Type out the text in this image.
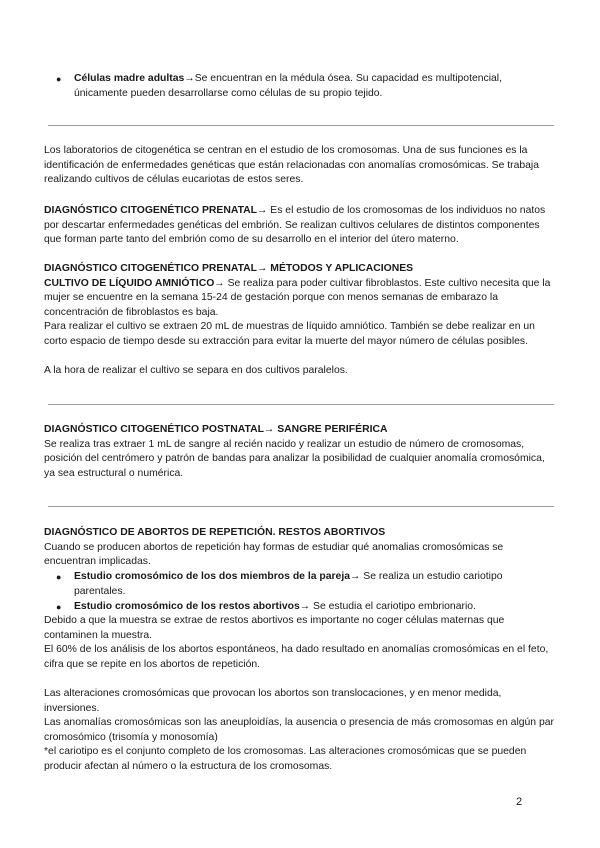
●	Células madre adultas→Se encuentran en la médula ósea. Su capacidad es multipotencial, únicamente pueden desarrollarse como células de su propio tejido.

Los laboratorios de citogenética se centran en el estudio de los cromosomas. Una de sus funciones es la identificación de enfermedades genéticas que están relacionadas con anomalías cromosómicas. Se trabaja realizando cultivos de células eucariotas de estos seres.

DIAGNÓSTICO CITOGENÉTICO PRENATAL→ Es el estudio de los cromosomas de los individuos no natos por descartar enfermedades genéticas del embrión. Se realizan cultivos celulares de distintos componentes que forman parte tanto del embrión como de su desarrollo en el interior del útero materno.

DIAGNÓSTICO CITOGENÉTICO PRENATAL→ MÉTODOS Y APLICACIONES

CULTIVO DE LÍQUIDO AMNIÓTICO→ Se realiza para poder cultivar fibroblastos. Este cultivo necesita que la mujer se encuentre en la semana 15-24 de gestación porque con menos semanas de embarazo la concentración de fibroblastos es baja.

Para realizar el cultivo se extraen 20 mL de muestras de líquido amniótico. También se debe realizar en un corto espacio de tiempo desde su extracción para evitar la muerte del mayor número de células posibles.

A la hora de realizar el cultivo se separa en dos cultivos paralelos.

DIAGNÓSTICO CITOGENÉTICO POSTNATAL→ SANGRE PERIFÉRICA

Se realiza tras extraer 1 mL de sangre al recién nacido y realizar un estudio de número de cromosomas, posición del centrómero y patrón de bandas para analizar la posibilidad de cualquier anomalía cromosómica, ya sea estructural o numérica.

DIAGNÓSTICO DE ABORTOS DE REPETICIÓN. RESTOS ABORTIVOS

Cuando se producen abortos de repetición hay formas de estudiar qué anomalias cromosómicas se encuentran implicadas.

●	Estudio cromosómico de los dos miembros de la pareja→ Se realiza un estudio cariotipo parentales.

●	Estudio cromosómico de los restos abortivos→ Se estudia el cariotipo embrionario.

Debido a que la muestra se extrae de restos abortivos es importante no coger células maternas que contaminen la muestra.

El 60% de los análisis de los abortos espontáneos, ha dado resultado en anomalías cromosómicas en el feto, cifra que se repite en los abortos de repetición.

Las alteraciones cromosómicas que provocan los abortos son translocaciones, y en menor medida, inversiones.

Las anomalías cromosómicas son las aneuploidías, la ausencia o presencia de más cromosomas en algún par cromosómico (trisomía y monosomía)

*el cariotipo es el conjunto completo de los cromosomas. Las alteraciones cromosómicas que se pueden producir afectan al número o la estructura de los cromosomas.

2
